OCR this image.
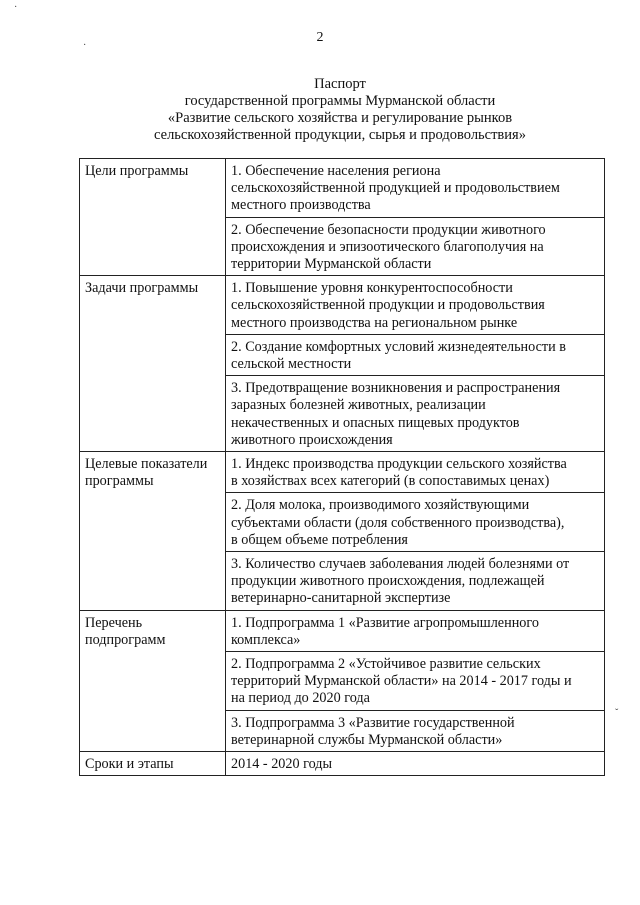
2
Паспорт
государственной программы Мурманской области
«Развитие сельского хозяйства и регулирование рынков
сельскохозяйственной продукции, сырья и продовольствия»
Цели программы	1. Обеспечение населения региона
сельскохозяйственной продукцией и продовольствием
местного производства

	2. Обеспечение безопасности продукции животного
происхождения и эпизоотического благополучия на
территории Мурманской области

Задачи программы	1. Повышение уровня конкурентоспособности
сельскохозяйственной продукции и продовольствия
местного производства на региональном рынке

	2. Создание комфортных условий жизнедеятельности в
сельской местности

	3. Предотвращение возникновения и распространения
заразных болезней животных, реализации
некачественных и опасных пищевых продуктов
животного происхождения

Целевые показатели программы	1. Индекс производства продукции сельского хозяйства
в хозяйствах всех категорий (в сопоставимых ценах)

	2. Доля молока, производимого хозяйствующими
субъектами области (доля собственного производства),
в общем объеме потребления

	3. Количество случаев заболевания людей болезнями от
продукции животного происхождения, подлежащей
ветеринарно-санитарной экспертизе

Перечень подпрограмм	1. Подпрограмма 1 «Развитие агропромышленного
комплекса»

	2. Подпрограмма 2 «Устойчивое развитие сельских
территорий Мурманской области» на 2014 - 2017 годы и
на период до 2020 года

	3. Подпрограмма 3 «Развитие государственной
ветеринарной службы Мурманской области»

Сроки и этапы	2014 - 2020 годы
·
·
ˇ
